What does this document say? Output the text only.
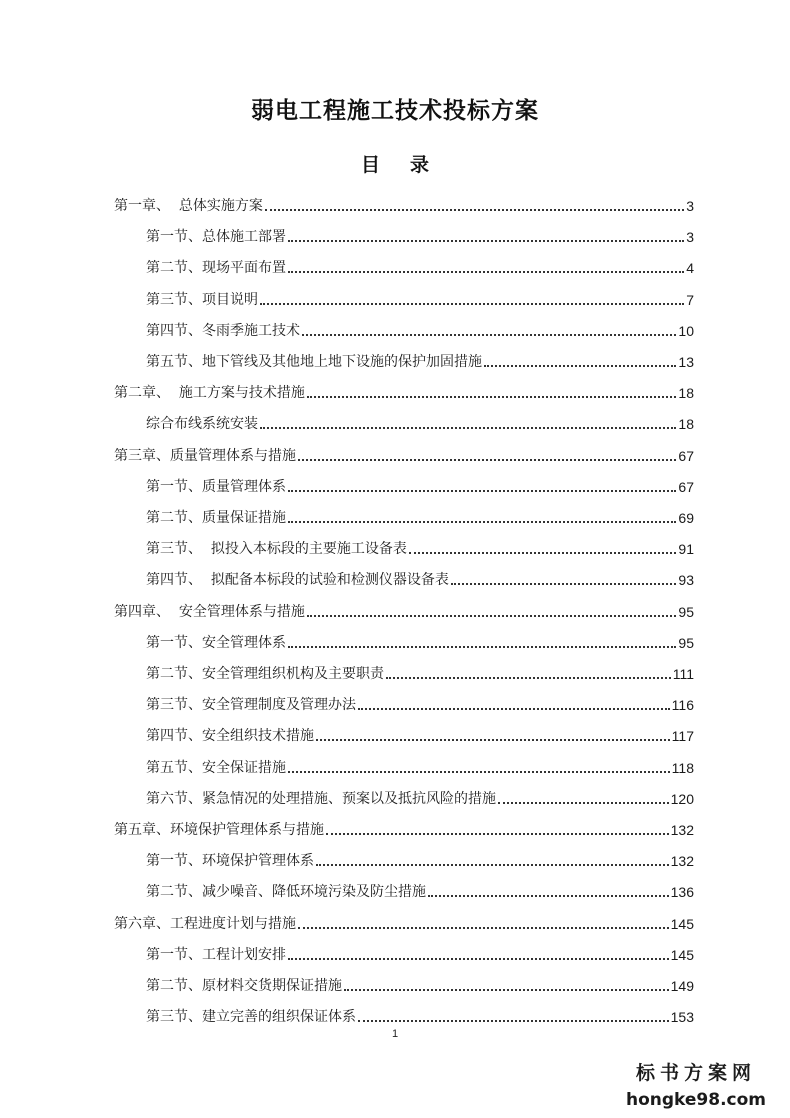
弱电工程施工技术投标方案
目 录
第一章、  总体实施方案	3
第一节、总体施工部署	3
第二节、现场平面布置	4
第三节、项目说明	7
第四节、冬雨季施工技术	10
第五节、地下管线及其他地上地下设施的保护加固措施	13
第二章、  施工方案与技术措施	18
综合布线系统安装	18
第三章、质量管理体系与措施	67
第一节、质量管理体系	67
第二节、质量保证措施	69
第三节、  拟投入本标段的主要施工设备表	91
第四节、  拟配备本标段的试验和检测仪器设备表	93
第四章、  安全管理体系与措施	95
第一节、安全管理体系	95
第二节、安全管理组织机构及主要职责	111
第三节、安全管理制度及管理办法	116
第四节、安全组织技术措施	117
第五节、安全保证措施	118
第六节、紧急情况的处理措施、预案以及抵抗风险的措施	120
第五章、环境保护管理体系与措施	132
第一节、环境保护管理体系	132
第二节、减少噪音、降低环境污染及防尘措施	136
第六章、工程进度计划与措施	145
第一节、工程计划安排	145
第二节、原材料交货期保证措施	149
第三节、建立完善的组织保证体系	153
1
标书方案网
hongke98.com
